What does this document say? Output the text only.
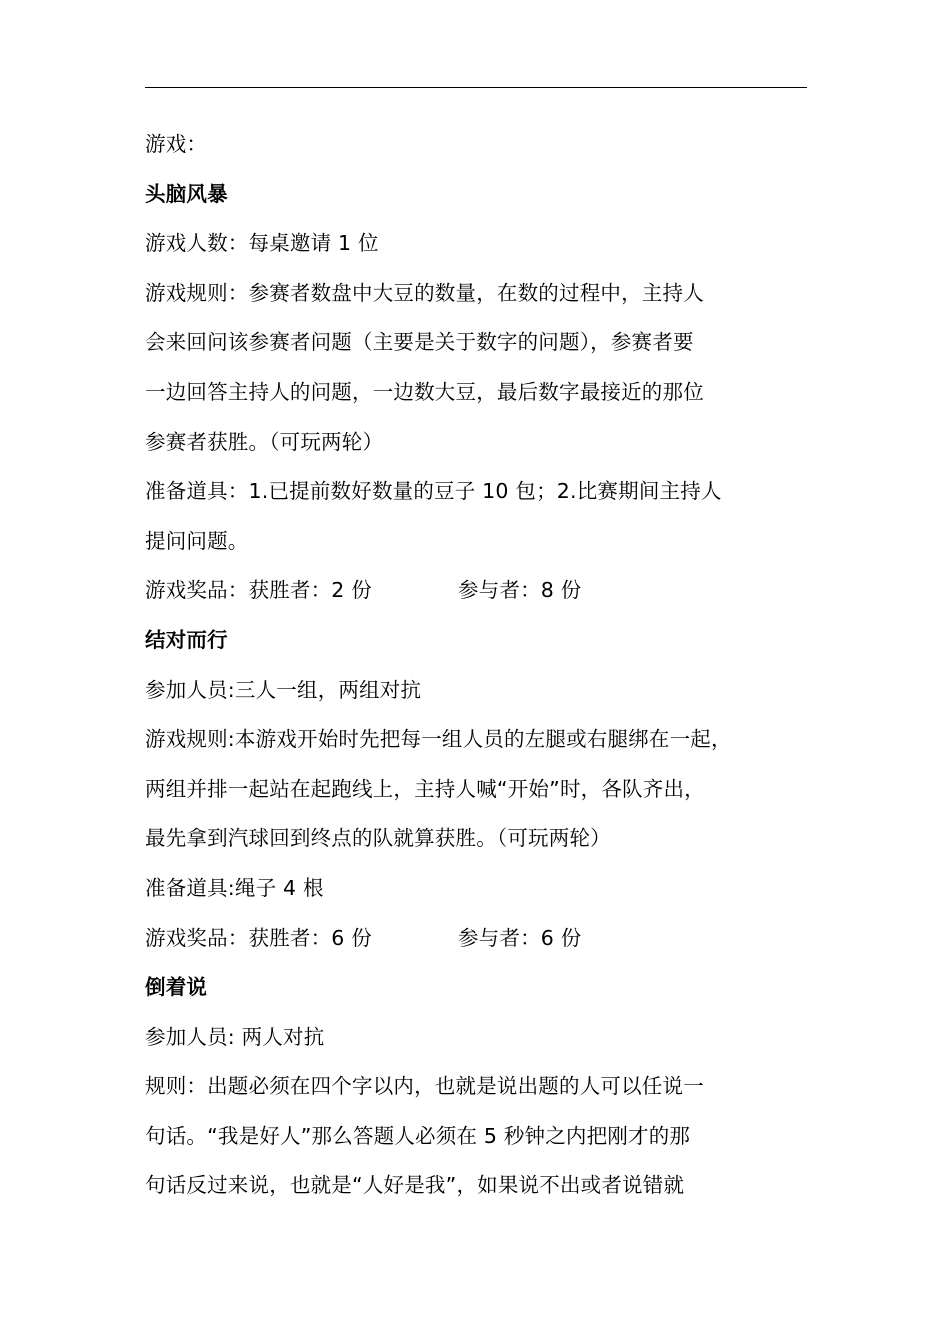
游戏：
头脑风暴
游戏人数：每桌邀请 1 位
游戏规则：参赛者数盘中大豆的数量，在数的过程中，主持人
会来回问该参赛者问题（主要是关于数字的问题），参赛者要
一边回答主持人的问题，一边数大豆，最后数字最接近的那位
参赛者获胜。（可玩两轮）
准备道具：1.已提前数好数量的豆子 10 包；2.比赛期间主持人
提问问题。
游戏奖品：获胜者：2 份	参与者：8 份
结对而行
参加人员:三人一组，两组对抗
游戏规则:本游戏开始时先把每一组人员的左腿或右腿绑在一起，
两组并排一起站在起跑线上，主持人喊“开始”时，各队齐出，
最先拿到汽球回到终点的队就算获胜。（可玩两轮）
准备道具:绳子 4 根
游戏奖品：获胜者：6 份	参与者：6 份
倒着说
参加人员: 两人对抗
规则：出题必须在四个字以内，也就是说出题的人可以任说一
句话。“我是好人”那么答题人必须在 5 秒钟之内把刚才的那
句话反过来说，也就是“人好是我”，如果说不出或者说错就
